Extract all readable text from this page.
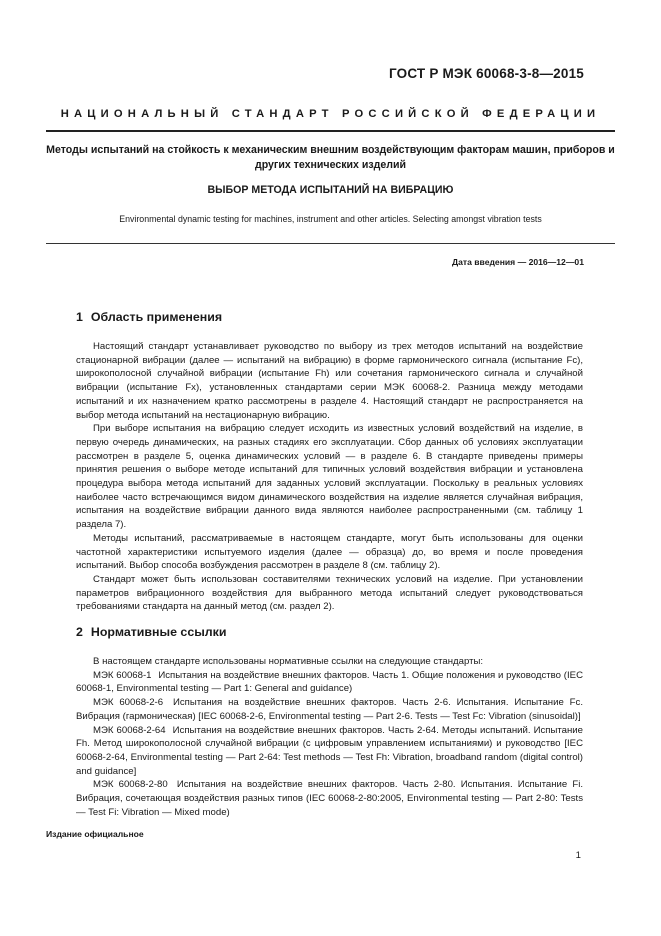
ГОСТ Р МЭК 60068-3-8—2015
НАЦИОНАЛЬНЫЙ СТАНДАРТ РОССИЙСКОЙ ФЕДЕРАЦИИ
Методы испытаний на стойкость к механическим внешним воздействующим факторам машин, приборов и других технических изделий
ВЫБОР МЕТОДА ИСПЫТАНИЙ НА ВИБРАЦИЮ
Environmental dynamic testing for machines, instrument and other articles. Selecting amongst vibration tests
Дата введения — 2016—12—01
1 Область применения

Настоящий стандарт устанавливает руководство по выбору из трех методов испытаний на воздействие стационарной вибрации (далее — испытаний на вибрацию) в форме гармонического сигнала (испытание Fc), широкополосной случайной вибрации (испытание Fh) или сочетания гармонического сигнала и случайной вибрации (испытание Fx), установленных стандартами серии МЭК 60068-2. Разница между методами испытаний и их назначением кратко рассмотрены в разделе 4. Настоящий стандарт не распространяется на выбор метода испытаний на нестационарную вибрацию.

При выборе испытания на вибрацию следует исходить из известных условий воздействий на изделие, в первую очередь динамических, на разных стадиях его эксплуатации. Сбор данных об условиях эксплуатации рассмотрен в разделе 5, оценка динамических условий — в разделе 6. В стандарте приведены примеры принятия решения о выборе методе испытаний для типичных условий воздействия вибрации и установлена процедура выбора метода испытаний для заданных условий эксплуатации. Поскольку в реальных условиях наиболее часто встречающимся видом динамического воздействия на изделие является случайная вибрация, испытания на воздействие вибрации данного вида являются наиболее распространенными (см. таблицу 1 раздела 7).

Методы испытаний, рассматриваемые в настоящем стандарте, могут быть использованы для оценки частотной характеристики испытуемого изделия (далее — образца) до, во время и после проведения испытаний. Выбор способа возбуждения рассмотрен в разделе 8 (см. таблицу 2).

Стандарт может быть использован составителями технических условий на изделие. При установлении параметров вибрационного воздействия для выбранного метода испытаний следует руководствоваться требованиями стандарта на данный метод (см. раздел 2).

2 Нормативные ссылки

В настоящем стандарте использованы нормативные ссылки на следующие стандарты:

МЭК 60068-1 Испытания на воздействие внешних факторов. Часть 1. Общие положения и руководство (IEC 60068-1, Environmental testing — Part 1: General and guidance)

МЭК 60068-2-6 Испытания на воздействие внешних факторов. Часть 2-6. Испытания. Испытание Fc. Вибрация (гармоническая) [IEC 60068-2-6, Environmental testing — Part 2-6. Tests — Test Fc: Vibration (sinusoidal)]

МЭК 60068-2-64 Испытания на воздействие внешних факторов. Часть 2-64. Методы испытаний. Испытание Fh. Метод широкополосной случайной вибрации (с цифровым управлением испытаниями) и руководство [IEC 60068-2-64, Environmental testing — Part 2-64: Test methods — Test Fh: Vibration, broadband random (digital control) and guidance]

МЭК 60068-2-80 Испытания на воздействие внешних факторов. Часть 2-80. Испытания. Испытание Fi. Вибрация, сочетающая воздействия разных типов (IEC 60068-2-80:2005, Environmental testing — Part 2-80: Tests — Test Fi: Vibration — Mixed mode)

Издание официальное
1
